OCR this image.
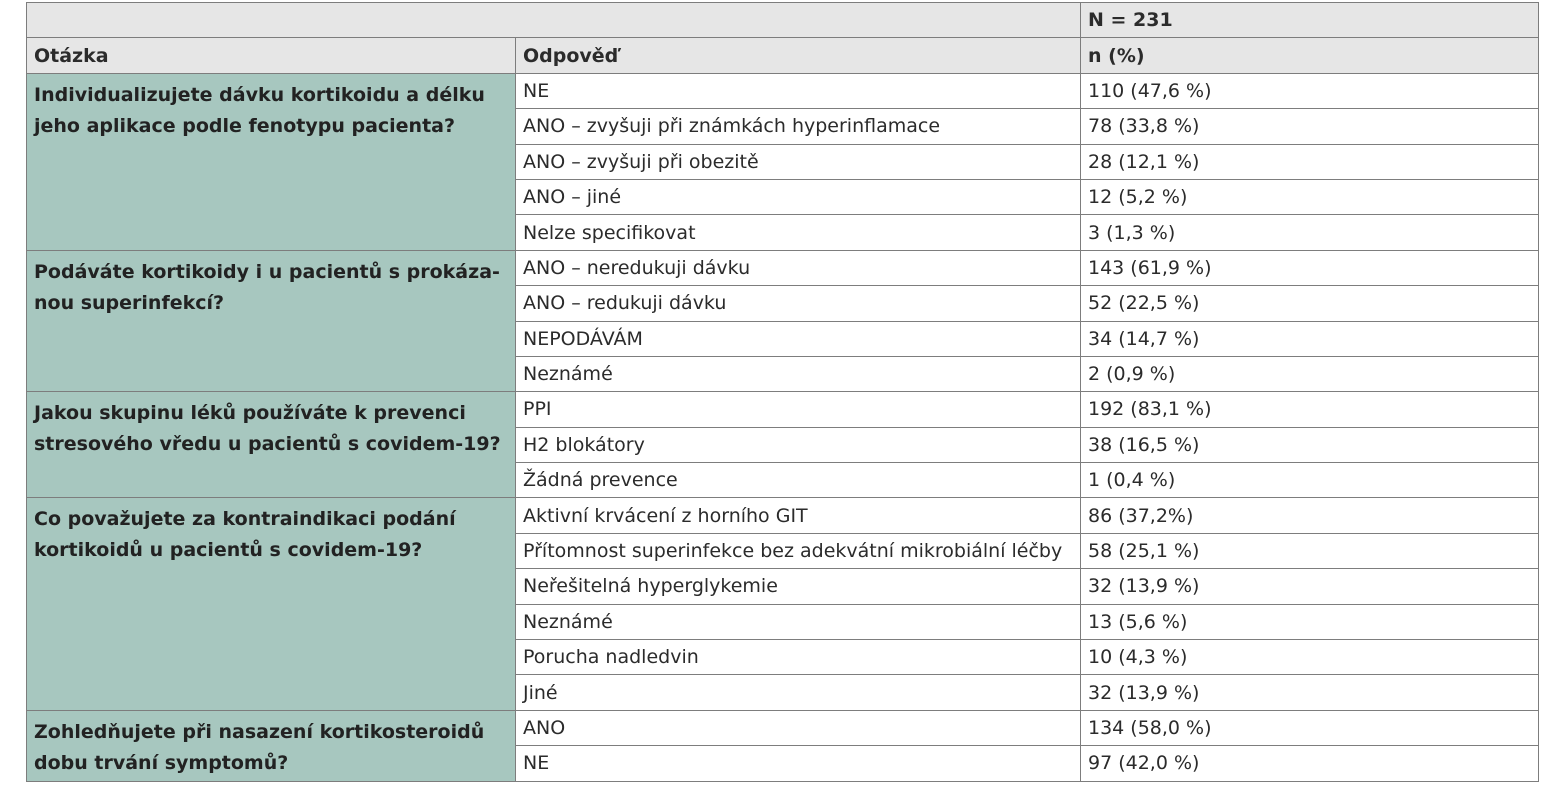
		N = 231
Otázka	Odpověď	n (%)
Individualizujete dávku kortikoidu a délku jeho aplikace podle fenotypu pacienta?	NE	110 (47,6 %)
	ANO – zvyšuji při známkách hyperinflamace	78 (33,8 %)
	ANO – zvyšuji při obezitě	28 (12,1 %)
	ANO – jiné	12 (5,2 %)
	Nelze specifikovat	3 (1,3 %)
Podáváte kortikoidy i u pacientů s prokáza-nou superinfekcí?	ANO – neredukuji dávku	143 (61,9 %)
	ANO – redukuji dávku	52 (22,5 %)
	NEPODÁVÁM	34 (14,7 %)
	Neznámé	2 (0,9 %)
Jakou skupinu léků používáte k prevenci stresového vředu u pacientů s covidem-19?	PPI	192 (83,1 %)
	H2 blokátory	38 (16,5 %)
	Žádná prevence	1 (0,4 %)
Co považujete za kontraindikaci podání kortikoidů u pacientů s covidem-19?	Aktivní krvácení z horního GIT	86 (37,2%)
	Přítomnost superinfekce bez adekvátní mikrobiální léčby	58 (25,1 %)
	Neřešitelná hyperglykemie	32 (13,9 %)
	Neznámé	13 (5,6 %)
	Porucha nadledvin	10 (4,3 %)
	Jiné	32 (13,9 %)
Zohledňujete při nasazení kortikosteroidů dobu trvání symptomů?	ANO	134 (58,0 %)
	NE	97 (42,0 %)
